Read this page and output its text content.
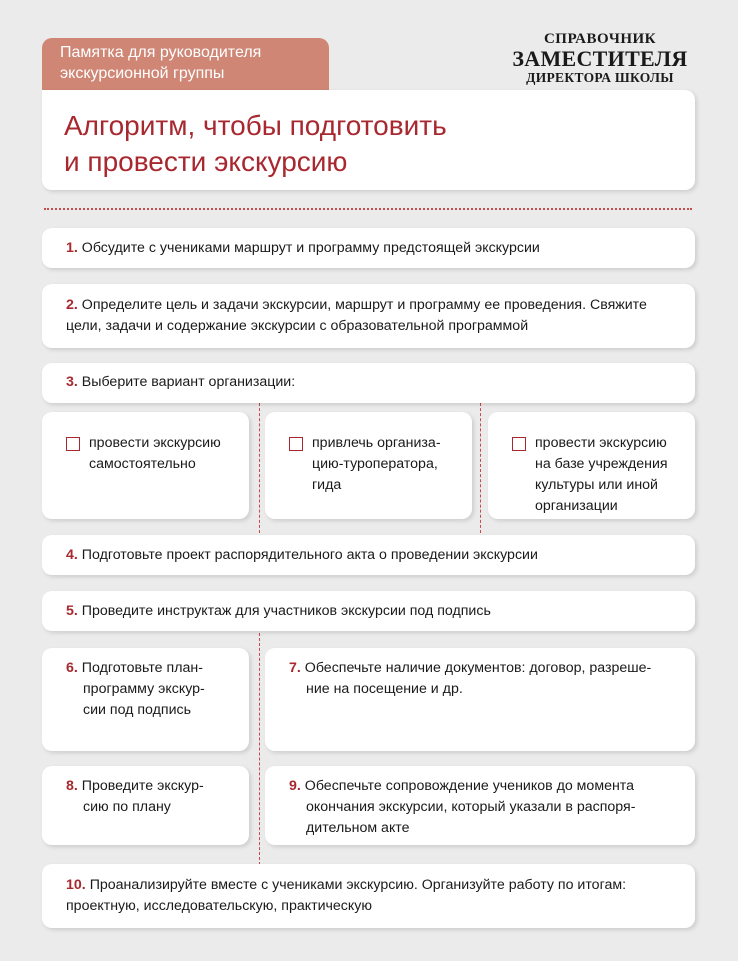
Памятка для руководителя
экскурсионной группы
СПРАВОЧНИК
ЗАМЕСТИТЕЛЯ
ДИРЕКТОРА ШКОЛЫ
Алгоритм, чтобы подготовить
и провести экскурсию
1. Обсудите с учениками маршрут и программу предстоящей экскурсии
2. Определите цель и задачи экскурсии, маршрут и программу ее проведения. Свяжите
цели, задачи и содержание экскурсии с образовательной программой
3. Выберите вариант организации:
провести экскурсию
самостоятельно
привлечь организа-
цию-туроператора,
гида
провести экскурсию
на базе учреждения
культуры или иной
организации
4. Подготовьте проект распорядительного акта о проведении экскурсии
5. Проведите инструктаж для участников экскурсии под подпись
6. Подготовьте план-
программу экскур-
сии под подпись
7. Обеспечьте наличие документов: договор, разреше-
ние на посещение и др.
8. Проведите экскур-
сию по плану
9. Обеспечьте сопровождение учеников до момента
окончания экскурсии, который указали в распоря-
дительном акте
10. Проанализируйте вместе с учениками экскурсию. Организуйте работу по итогам:
проектную, исследовательскую, практическую
